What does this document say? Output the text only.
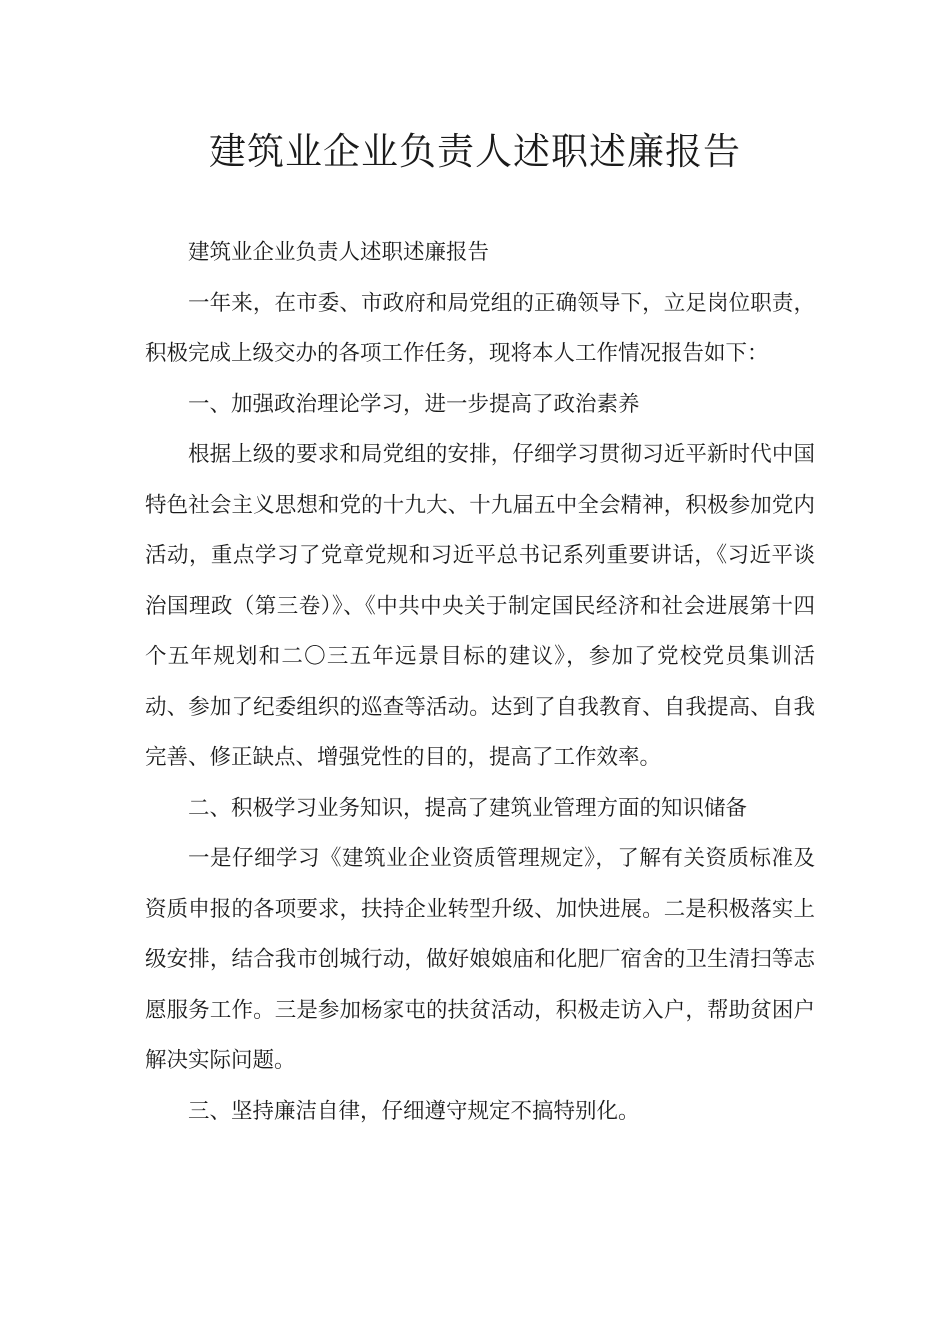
建筑业企业负责人述职述廉报告

建筑业企业负责人述职述廉报告

一年来，在市委、市政府和局党组的正确领导下，立足岗位职责，积极完成上级交办的各项工作任务，现将本人工作情况报告如下：

一、加强政治理论学习，进一步提高了政治素养

根据上级的要求和局党组的安排，仔细学习贯彻习近平新时代中国特色社会主义思想和党的十九大、十九届五中全会精神，积极参加党内活动，重点学习了党章党规和习近平总书记系列重要讲话，《习近平谈治国理政（第三卷）》、《中共中央关于制定国民经济和社会进展第十四个五年规划和二〇三五年远景目标的建议》，参加了党校党员集训活动、参加了纪委组织的巡查等活动。达到了自我教育、自我提高、自我完善、修正缺点、增强党性的目的，提高了工作效率。

二、积极学习业务知识，提高了建筑业管理方面的知识储备

一是仔细学习《建筑业企业资质管理规定》，了解有关资质标准及资质申报的各项要求，扶持企业转型升级、加快进展。二是积极落实上级安排，结合我市创城行动，做好娘娘庙和化肥厂宿舍的卫生清扫等志愿服务工作。三是参加杨家屯的扶贫活动，积极走访入户，帮助贫困户解决实际问题。

三、坚持廉洁自律，仔细遵守规定不搞特别化。
